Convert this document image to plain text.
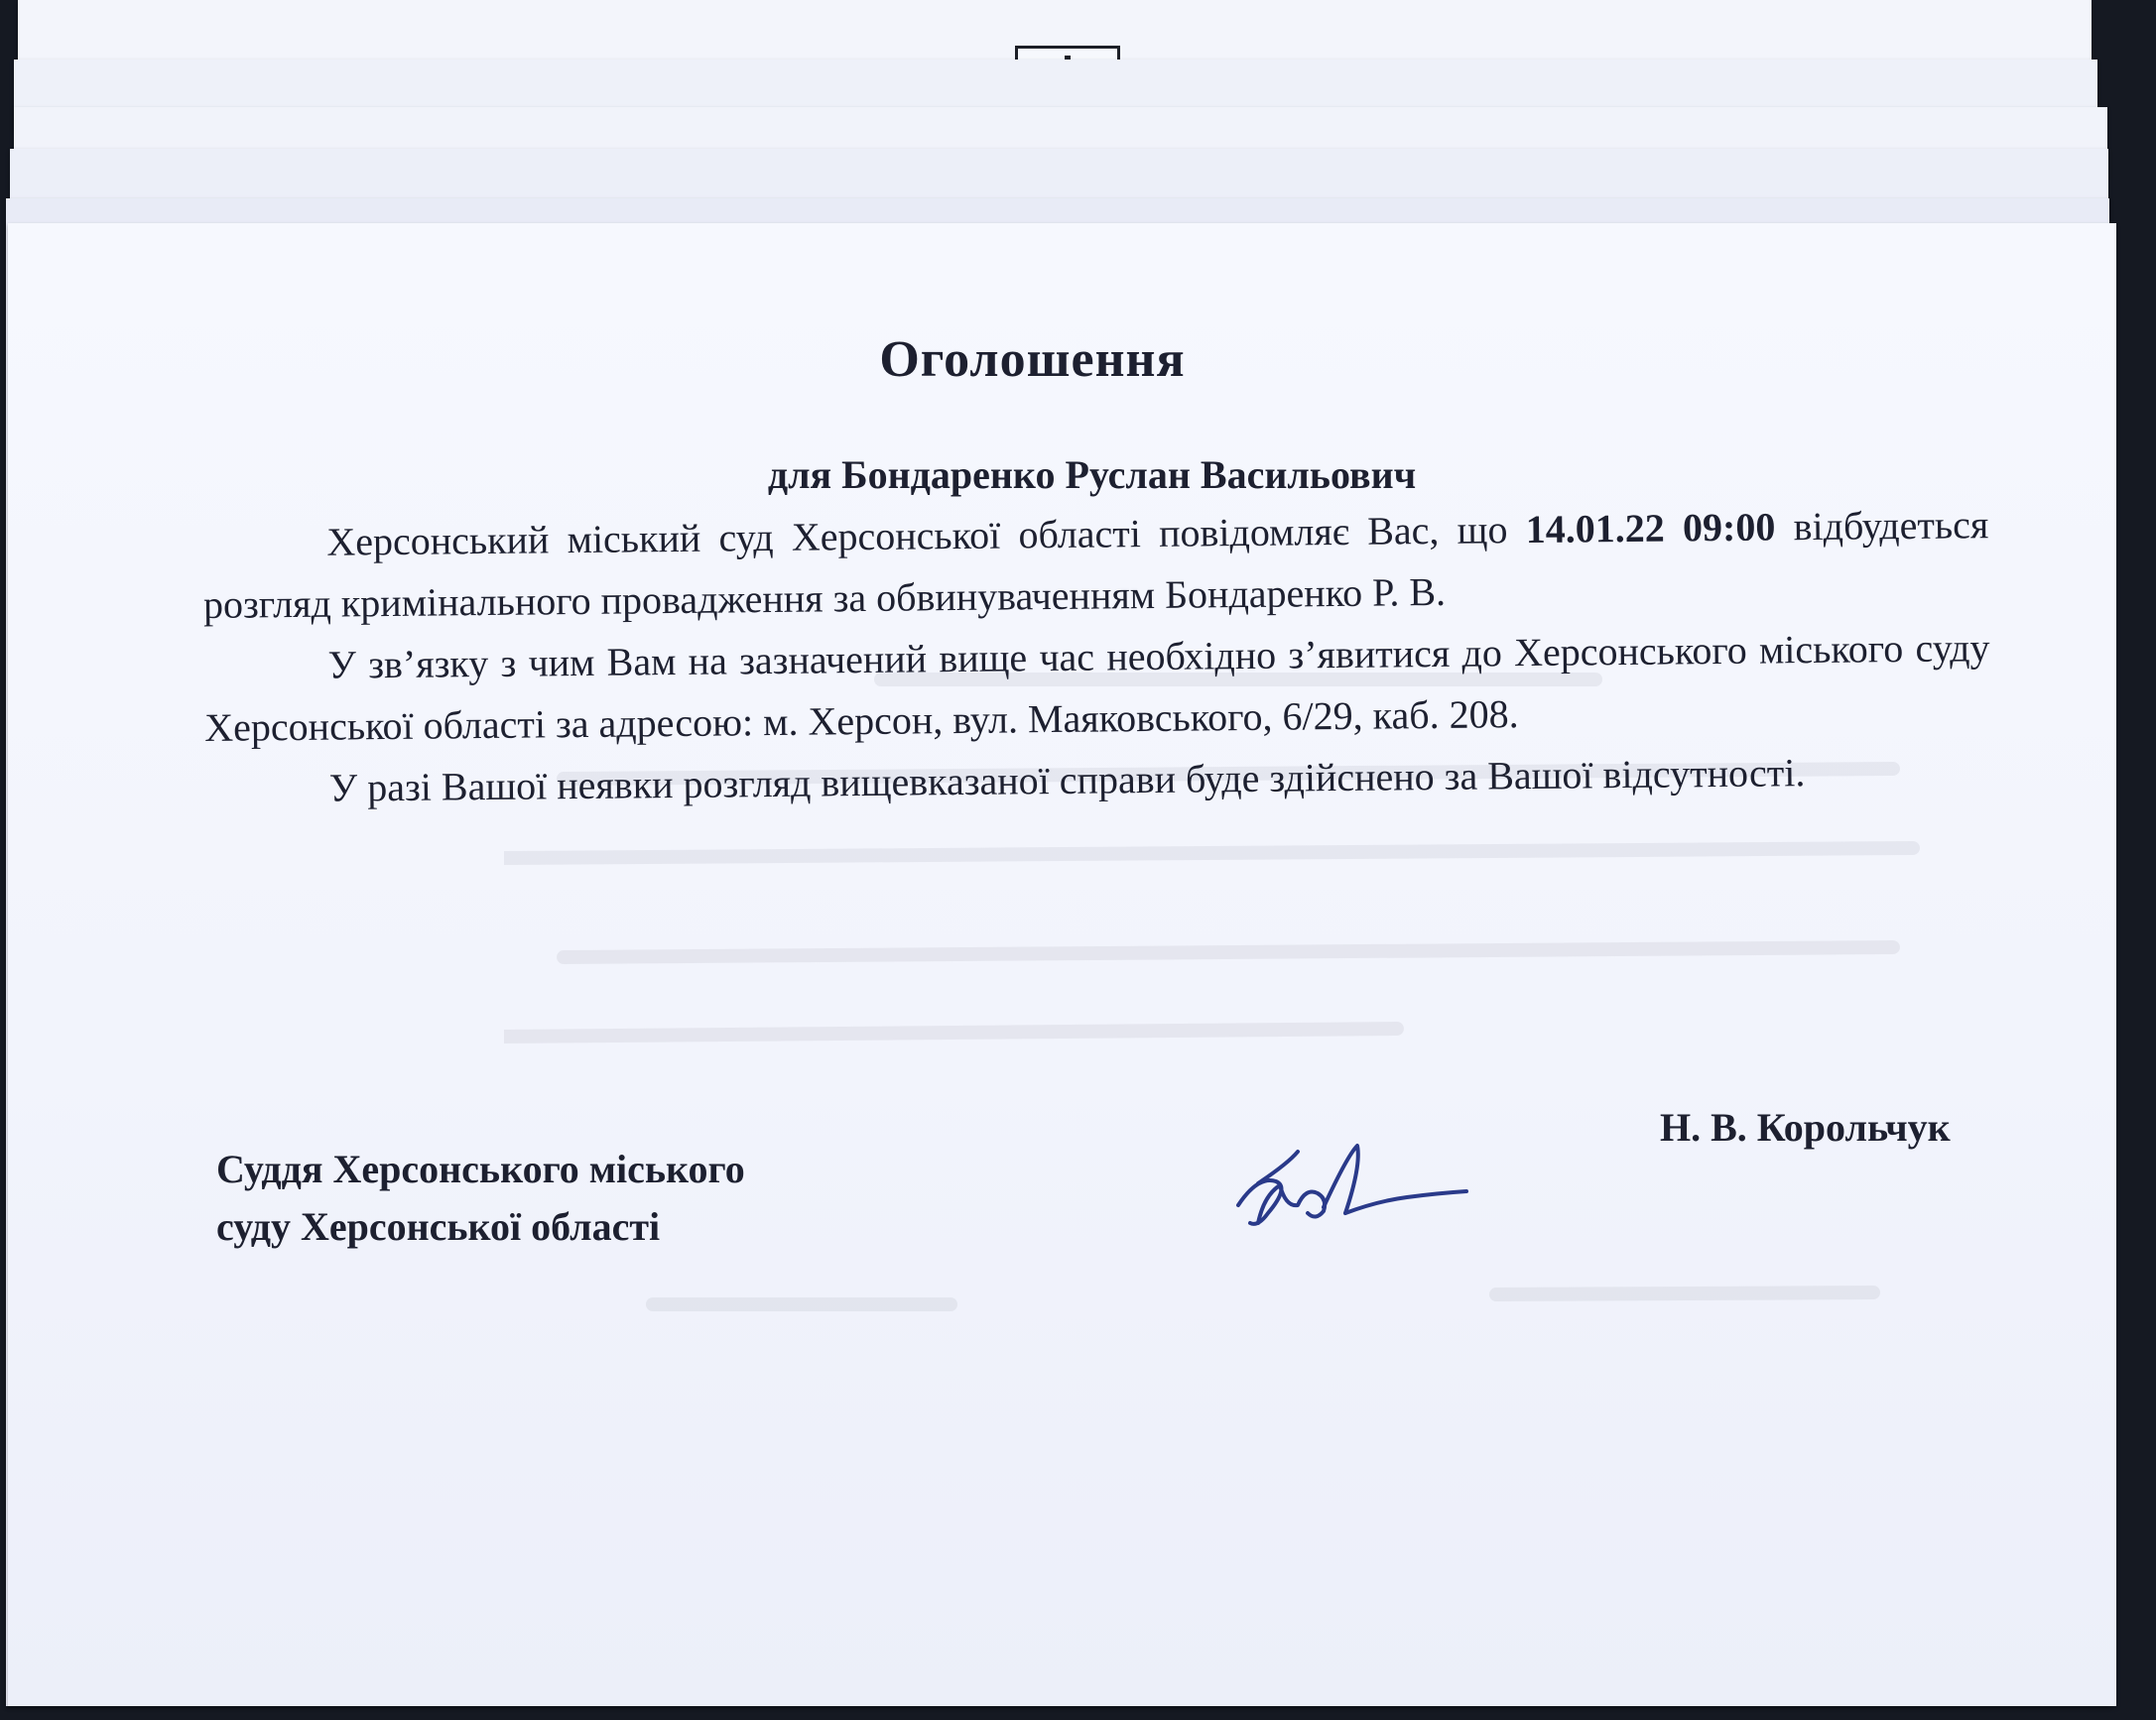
Оголошення
для Бондаренко Руслан Васильович

Херсонський міський суд Херсонської області повідомляє Вас, що 14.01.22 09:00 відбудеться розгляд кримінального провадження за обвинуваченням Бондаренко Р. В.

У зв’язку з чим Вам на зазначений вище час необхідно з’явитися до Херсонського міського суду Херсонської області за адресою: м. Херсон, вул. Маяковського, 6/29, каб. 208.

У разі Вашої неявки розгляд вищевказаної справи буде здійснено за Вашої відсутності.

Суддя Херсонського міського
суду Херсонської області
Н. В. Корольчук
